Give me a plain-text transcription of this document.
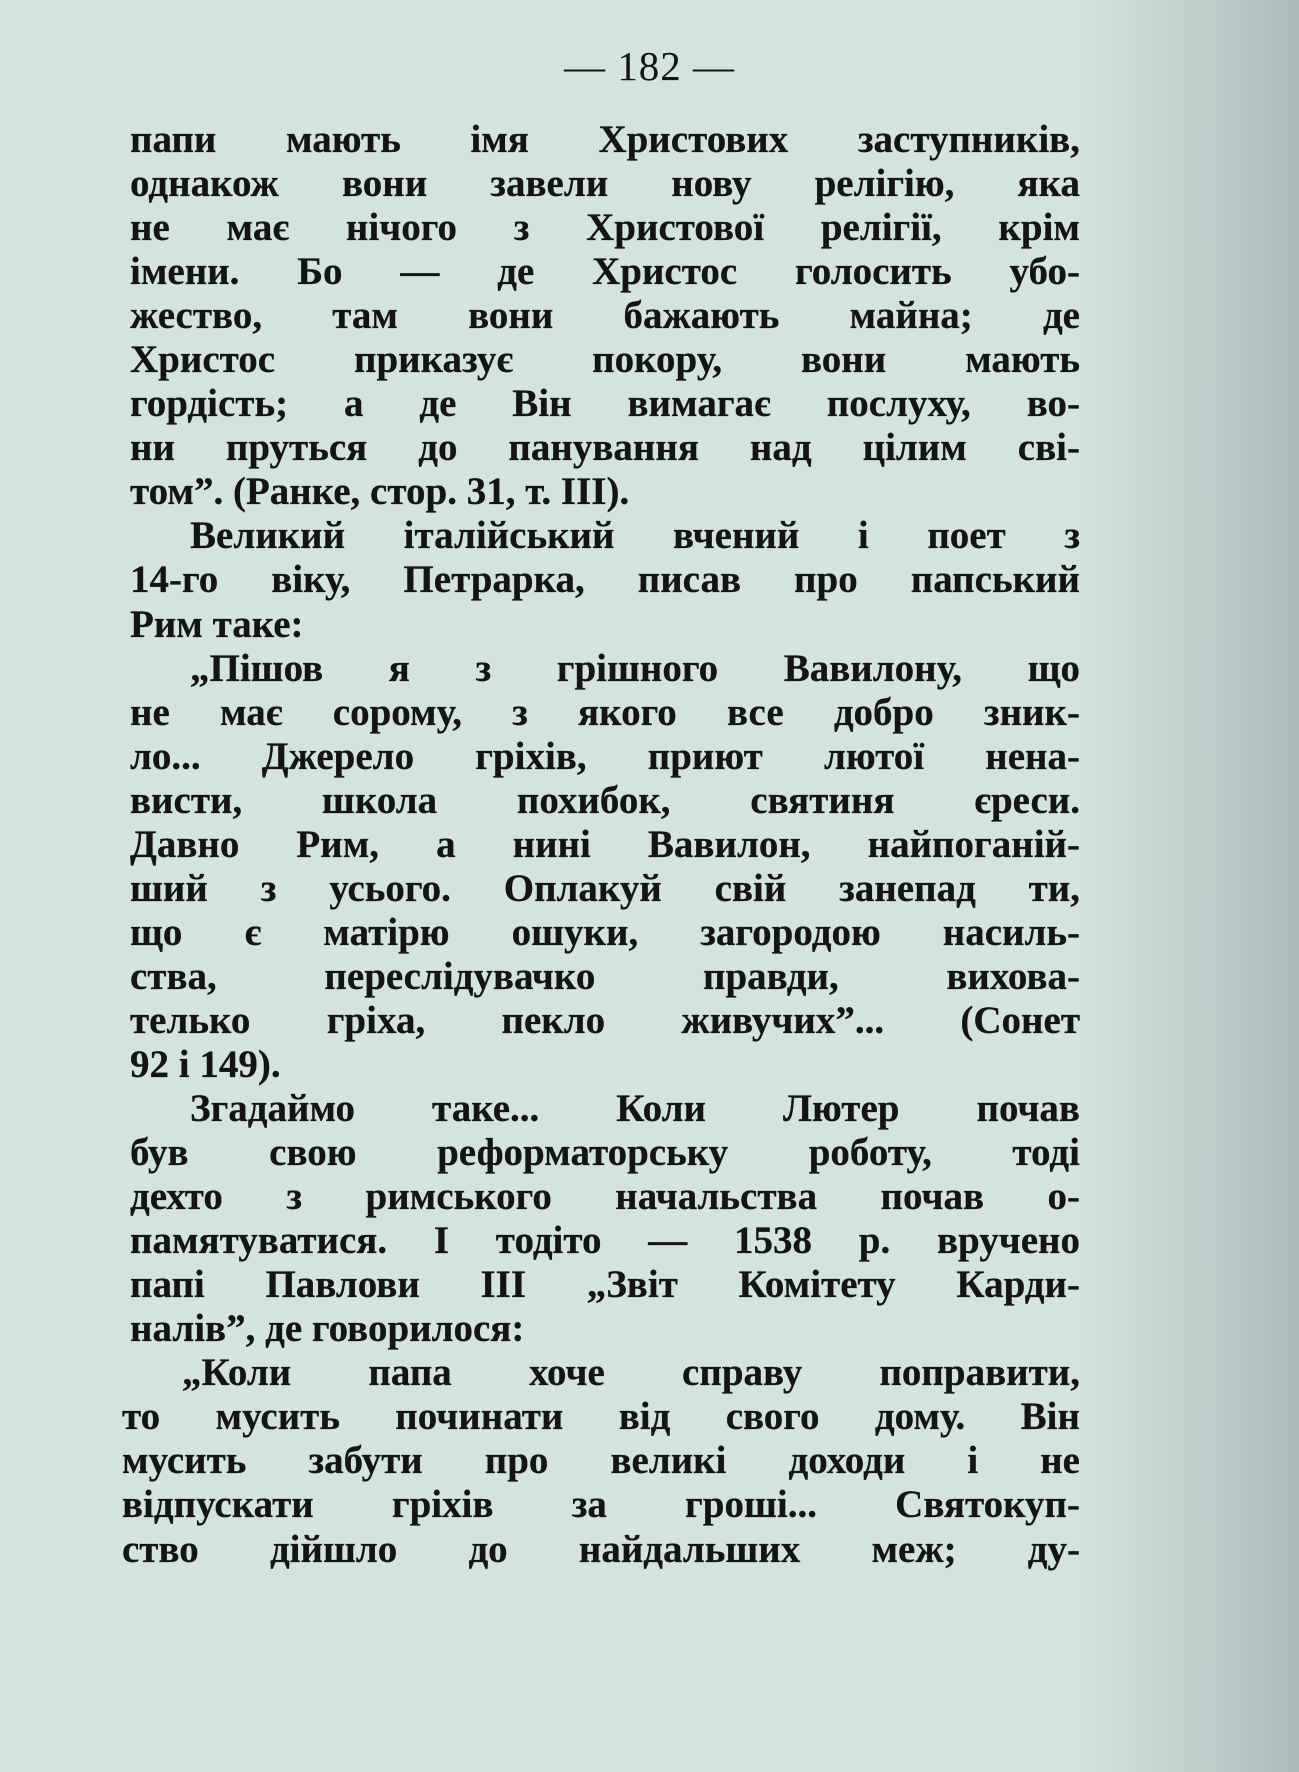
— 182 —
папи мають імя Христових заступників,
однакож вони завели нову релігію, яка
не має нічого з Христової релігії, крім
імени. Бо — де Христос голосить убо-
жество, там вони бажають майна; де
Христос приказує покору, вони мають
гордість; а де Він вимагає послуху, во-
ни пруться до панування над цілим сві-
том”. (Ранке, стор. 31, т. III).
Великий італійський вчений і поет з
14-го віку, Петрарка, писав про папський
Рим таке:
„Пішов я з грішного Вавилону, що
не має сорому, з якого все добро зник-
ло... Джерело гріхів, приют лютої нена-
висти, школа похибок, святиня єреси.
Давно Рим, а нині Вавилон, найпоганій-
ший з усього. Оплакуй свій занепад ти,
що є матірю ошуки, загородою насиль-
ства, переслідувачко правди, вихова-
телько гріха, пекло живучих”... (Сонет
92 і 149).
Згадаймо таке... Коли Лютер почав
був свою реформаторську роботу, тоді
дехто з римського начальства почав о-
памятуватися. І тодіто — 1538 р. вручено
папі Павлови III „Звіт Комітету Карди-
налів”, де говорилося:
„Коли папа хоче справу поправити,
то мусить починати від свого дому. Він
мусить забути про великі доходи і не
відпускати гріхів за гроші... Святокуп-
ство дійшло до найдальших меж; ду-
